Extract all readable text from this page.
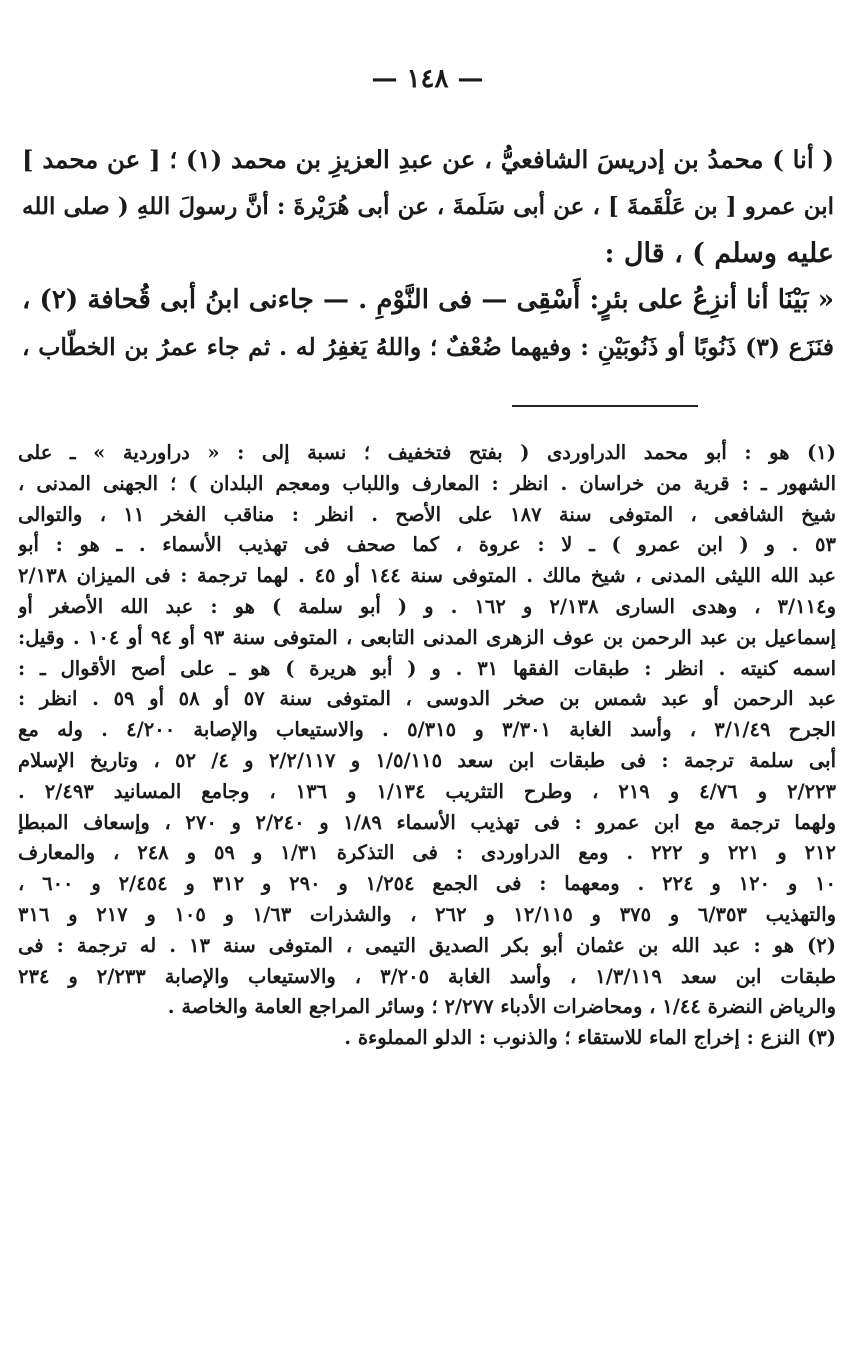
— ١٤٨ —
( أنا ) محمدُ بن إدريسَ الشافعيُّ ، عن عبدِ العزيزِ بن محمد (١) ؛ [ عن محمد ]
ابن عمرو [ بن عَلْقَمةَ ] ، عن أبى سَلَمةَ ، عن أبى هُرَيْرةَ : أنَّ رسولَ اللهِ ( صلى الله
عليه وسلم ) ، قال :
« بَيْنَا أنا أنزِعُ على بئرٍ: أَسْقِى — فى النَّوْمِ . — جاءنى ابنُ أبى قُحافة (٢) ،
فنَزَع (٣) ذَنُوبًا أو ذَنُوبَيْنِ : وفيهما ضُعْفٌ ؛ واللهُ يَغفِرُ له . ثم جاء عمرُ بن الخطّاب ،
(١) هو : أبو محمد الدراوردى ( بفتح فتخفيف ؛ نسبة إلى : « دراوردية » ـ على
الشهور ـ : قرية من خراسان . انظر : المعارف واللباب ومعجم البلدان ) ؛ الجهنى المدنى ،
شيخ الشافعى ، المتوفى سنة ١٨٧ على الأصح . انظر : مناقب الفخر ١١ ، والتوالى
٥٣ . و ( ابن عمرو ) ـ لا : عروة ، كما صحف فى تهذيب الأسماء . ـ هو : أبو
عبد الله الليثى المدنى ، شيخ مالك . المتوفى سنة ١٤٤ أو ٤٥ . لهما ترجمة : فى الميزان ٢/١٣٨
و٣/١١٤ ، وهدى السارى ٢/١٣٨ و ١٦٢ . و ( أبو سلمة ) هو : عبد الله الأصغر أو
إسماعيل بن عبد الرحمن بن عوف الزهرى المدنى التابعى ، المتوفى سنة ٩٣ أو ٩٤ أو ١٠٤ . وقيل:
اسمه كنيته . انظر : طبقات الفقها ٣١ . و ( أبو هريرة ) هو ـ على أصح الأقوال ـ :
عبد الرحمن أو عبد شمس بن صخر الدوسى ، المتوفى سنة ٥٧ أو ٥٨ أو ٥٩ . انظر :
الجرح ٣/١/٤٩ ، وأسد الغابة ٣/٣٠١ و ٥/٣١٥ . والاستيعاب والإصابة ٤/٢٠٠ . وله مع
أبى سلمة ترجمة : فى طبقات ابن سعد ١/٥/١١٥ و ٢/٢/١١٧ و ٤/ ٥٢ ، وتاريخ الإسلام
٢/٢٢٣ و ٤/٧٦ و ٢١٩ ، وطرح التثريب ١/١٣٤ و ١٣٦ ، وجامع المسانيد ٢/٤٩٣ .
ولهما ترجمة مع ابن عمرو : فى تهذيب الأسماء ١/٨٩ و ٢/٢٤٠ و ٢٧٠ ، وإسعاف المبطإ
٢١٢ و ٢٢١ و ٢٢٢ . ومع الدراوردى : فى التذكرة ١/٣١ و ٥٩ و ٢٤٨ ، والمعارف
١٠ و ١٢٠ و ٢٢٤ . ومعهما : فى الجمع ١/٢٥٤ و ٢٩٠ و ٣١٢ و ٢/٤٥٤ و ٦٠٠ ،
والتهذيب ٦/٣٥٣ و ٣٧٥ و ١٢/١١٥ و ٢٦٢ ، والشذرات ١/٦٣ و ١٠٥ و ٢١٧ و ٣١٦
(٢) هو : عبد الله بن عثمان أبو بكر الصديق التيمى ، المتوفى سنة ١٣ . له ترجمة : فى
طبقات ابن سعد ١/٣/١١٩ ، وأسد الغابة ٣/٢٠٥ ، والاستيعاب والإصابة ٢/٢٣٣ و ٢٣٤
والرياض النضرة ١/٤٤ ، ومحاضرات الأدباء ٢/٢٧٧ ؛ وسائر المراجع العامة والخاصة .
(٣) النزع : إخراج الماء للاستقاء ؛ والذنوب : الدلو المملوءة .
